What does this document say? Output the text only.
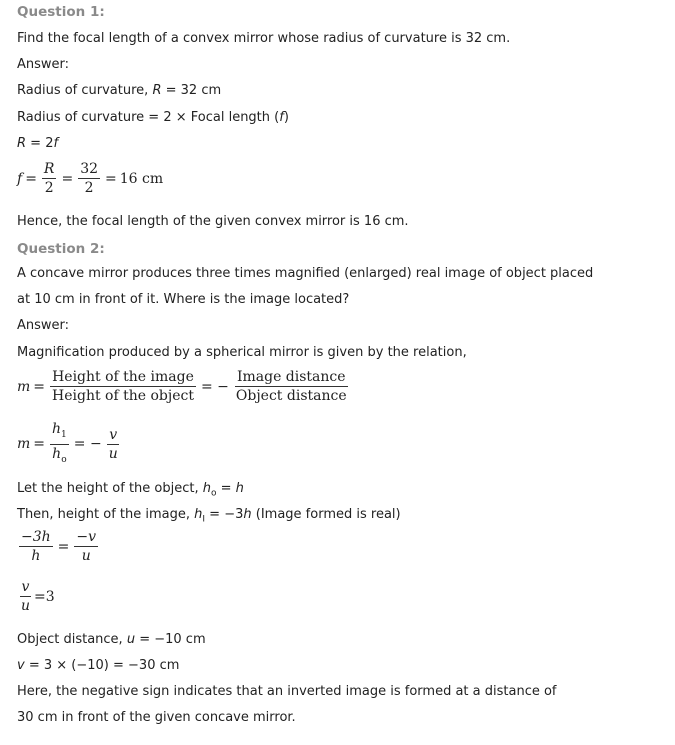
Question 1:
Find the focal length of a convex mirror whose radius of curvature is 32 cm.
Answer:
Radius of curvature, R = 32 cm
Radius of curvature = 2 × Focal length (f)
R = 2f
$f = \frac{R}{2} = \frac{32}{2} = 16$ cm
Hence, the focal length of the given convex mirror is 16 cm.
Question 2:
A concave mirror produces three times magnified (enlarged) real image of object placed
at 10 cm in front of it. Where is the image located?
Answer:
Magnification produced by a spherical mirror is given by the relation,
$m = \frac{\text{Height of the image}}{\text{Height of the object}}$ = − $\frac{\text{Image distance}}{\text{Object distance}}$
$m = \frac{h_1}{h_o}$ = − $\frac{v}{u}$
Let the height of the object, $h_o = h$
Then, height of the image, $h_I = -3h$ (Image formed is real)
$\frac{-3h}{h} = \frac{-v}{u}$
$\frac{v}{u} = 3$
Object distance, u = −10 cm
v = 3 × (−10) = −30 cm
Here, the negative sign indicates that an inverted image is formed at a distance of
30 cm in front of the given concave mirror.
